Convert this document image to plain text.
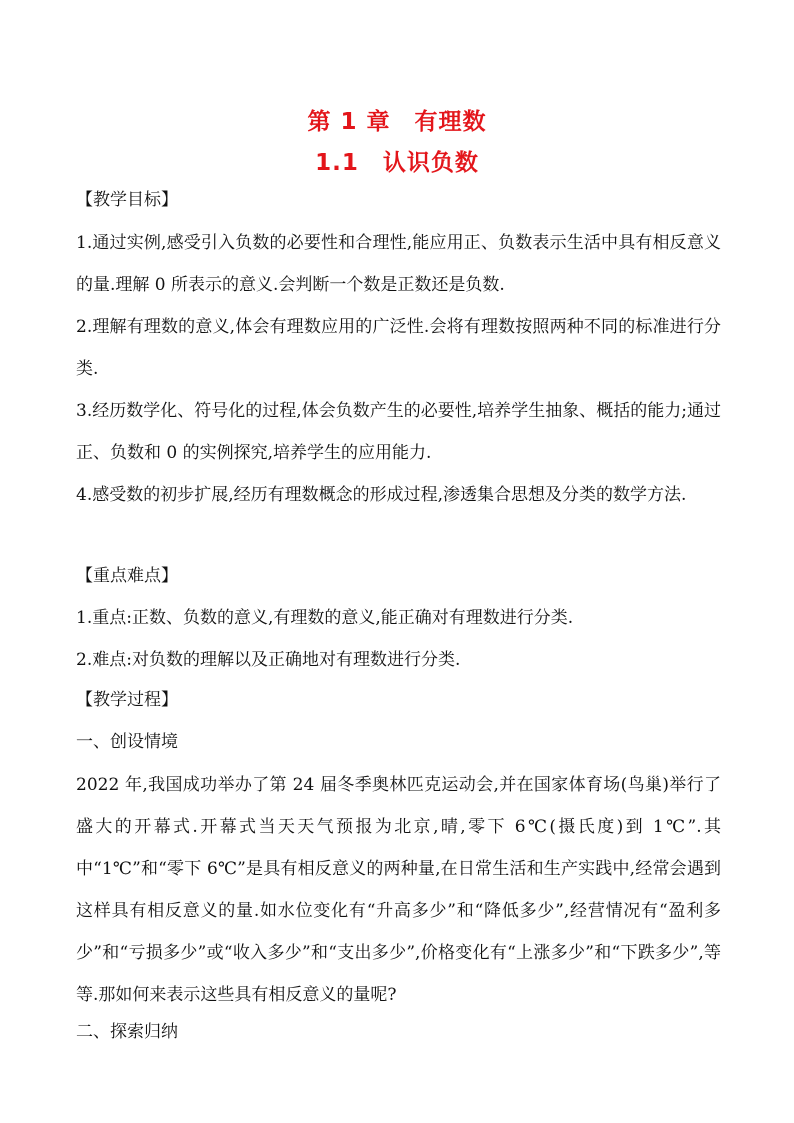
第 1 章　有理数
1.1　认识负数
【教学目标】
1.通过实例,感受引入负数的必要性和合理性,能应用正、负数表示生活中具有相反意义的量.理解 0 所表示的意义.会判断一个数是正数还是负数.
2.理解有理数的意义,体会有理数应用的广泛性.会将有理数按照两种不同的标准进行分类.
3.经历数学化、符号化的过程,体会负数产生的必要性,培养学生抽象、概括的能力;通过正、负数和 0 的实例探究,培养学生的应用能力.
4.感受数的初步扩展,经历有理数概念的形成过程,渗透集合思想及分类的数学方法.
【重点难点】
1.重点:正数、负数的意义,有理数的意义,能正确对有理数进行分类.
2.难点:对负数的理解以及正确地对有理数进行分类.
【教学过程】
一、创设情境
2022 年,我国成功举办了第 24 届冬季奥林匹克运动会,并在国家体育场(鸟巢)举行了盛大的开幕式.开幕式当天天气预报为北京,晴,零下 6℃(摄氏度)到 1℃”.其中“1℃”和“零下 6℃”是具有相反意义的两种量,在日常生活和生产实践中,经常会遇到这样具有相反意义的量.如水位变化有“升高多少”和“降低多少”,经营情况有“盈利多少”和“亏损多少”或“收入多少”和“支出多少”,价格变化有“上涨多少”和“下跌多少”,等等.那如何来表示这些具有相反意义的量呢?
二、探索归纳
